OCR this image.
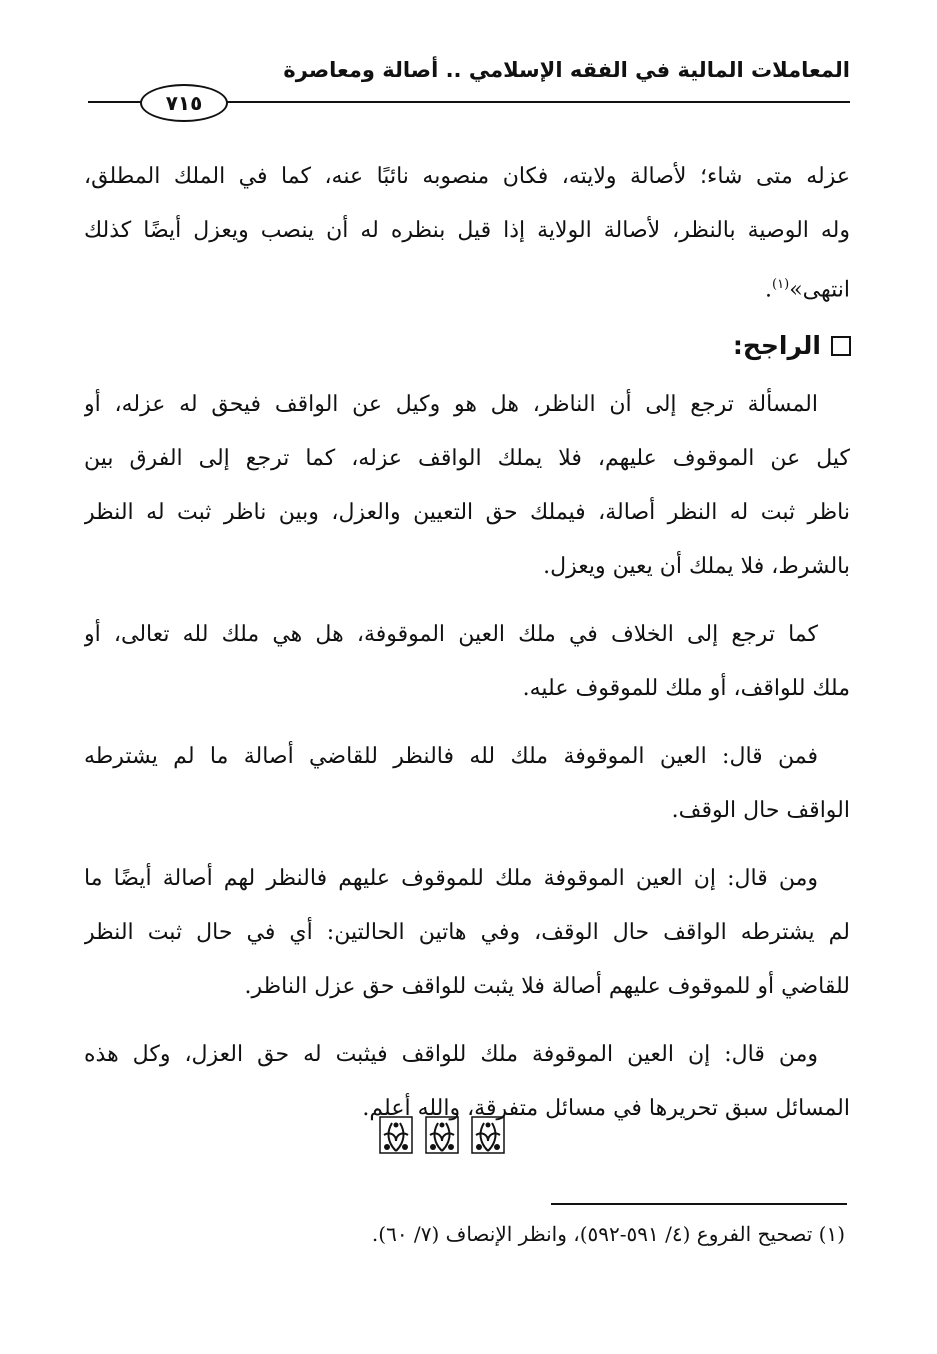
المعاملات المالية في الفقه الإسلامي .. أصالة ومعاصرة
٧١٥
عزله متى شاء؛ لأصالة ولايته، فكان منصوبه نائبًا عنه، كما في الملك المطلق،
وله الوصية بالنظر، لأصالة الولاية إذا قيل بنظره له أن ينصب ويعزل أيضًا كذلك
انتهى»$^{(١)}$.
الراجح:
المسألة ترجع إلى أن الناظر، هل هو وكيل عن الواقف فيحق له عزله، أو
كيل عن الموقوف عليهم، فلا يملك الواقف عزله، كما ترجع إلى الفرق بين
ناظر ثبت له النظر أصالة، فيملك حق التعيين والعزل، وبين ناظر ثبت له النظر
بالشرط، فلا يملك أن يعين ويعزل.
كما ترجع إلى الخلاف في ملك العين الموقوفة، هل هي ملك لله تعالى، أو
ملك للواقف، أو ملك للموقوف عليه.
فمن قال: العين الموقوفة ملك لله فالنظر للقاضي أصالة ما لم يشترطه
الواقف حال الوقف.
ومن قال: إن العين الموقوفة ملك للموقوف عليهم فالنظر لهم أصالة أيضًا ما
لم يشترطه الواقف حال الوقف، وفي هاتين الحالتين: أي في حال ثبت النظر
للقاضي أو للموقوف عليهم أصالة فلا يثبت للواقف حق عزل الناظر.
ومن قال: إن العين الموقوفة ملك للواقف فيثبت له حق العزل، وكل هذه
المسائل سبق تحريرها في مسائل متفرقة، والله أعلم.
(١) تصحيح الفروع (٤/ ٥٩١-٥٩٢)، وانظر الإنصاف (٧/ ٦٠).
